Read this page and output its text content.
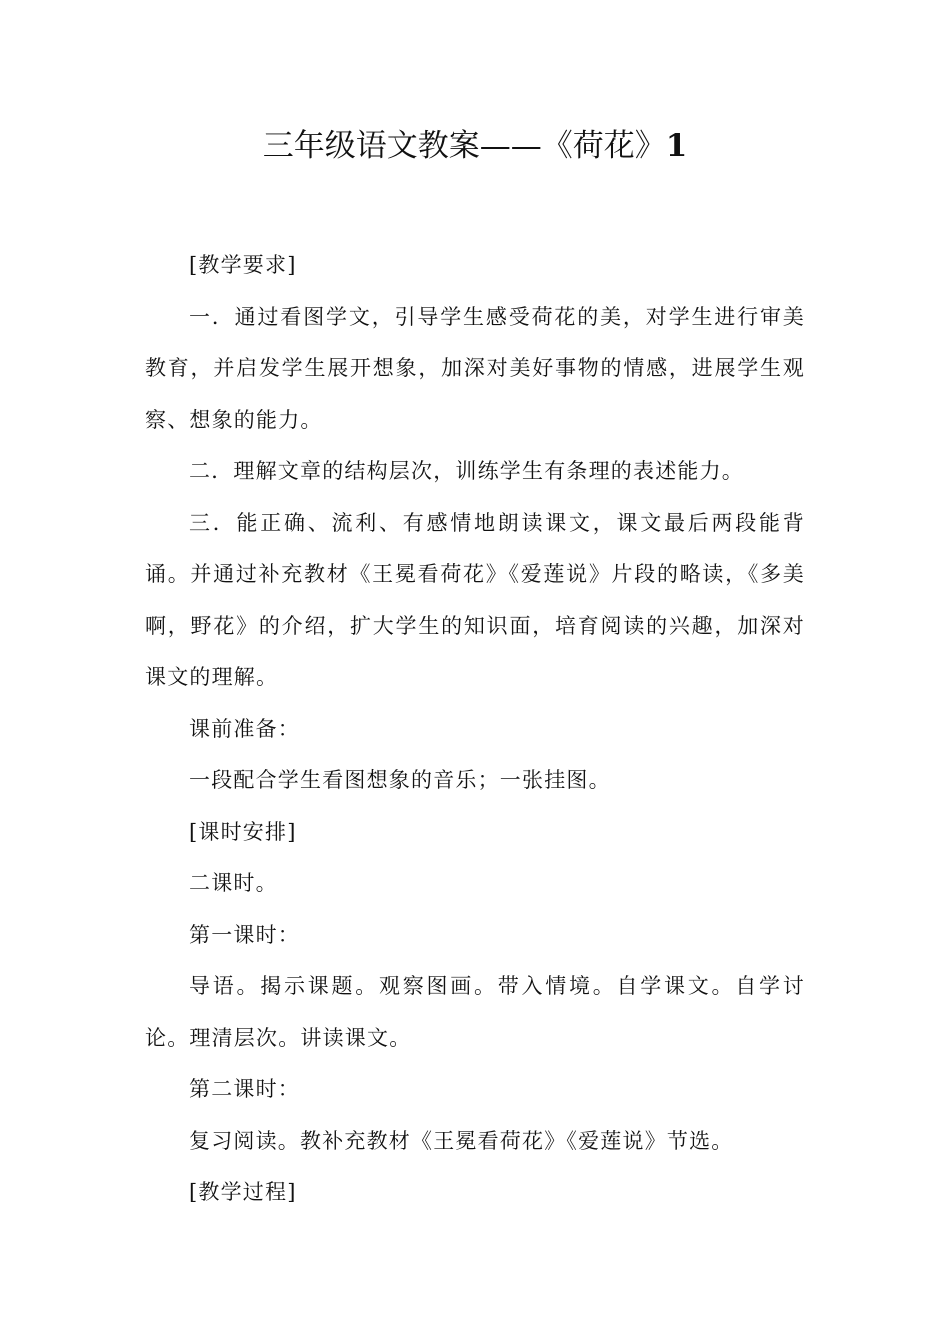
三年级语文教案——《荷花》1

[教学要求]

一．通过看图学文，引导学生感受荷花的美，对学生进行审美教育，并启发学生展开想象，加深对美好事物的情感，进展学生观察、想象的能力。

二．理解文章的结构层次，训练学生有条理的表述能力。

三．能正确、流利、有感情地朗读课文，课文最后两段能背诵。并通过补充教材《王冕看荷花》《爱莲说》片段的略读，《多美啊，野花》的介绍，扩大学生的知识面，培育阅读的兴趣，加深对课文的理解。

课前准备：

一段配合学生看图想象的音乐；一张挂图。

[课时安排]

二课时。

第一课时：

导语。揭示课题。观察图画。带入情境。自学课文。自学讨论。理清层次。讲读课文。

第二课时：

复习阅读。教补充教材《王冕看荷花》《爱莲说》节选。

[教学过程]
